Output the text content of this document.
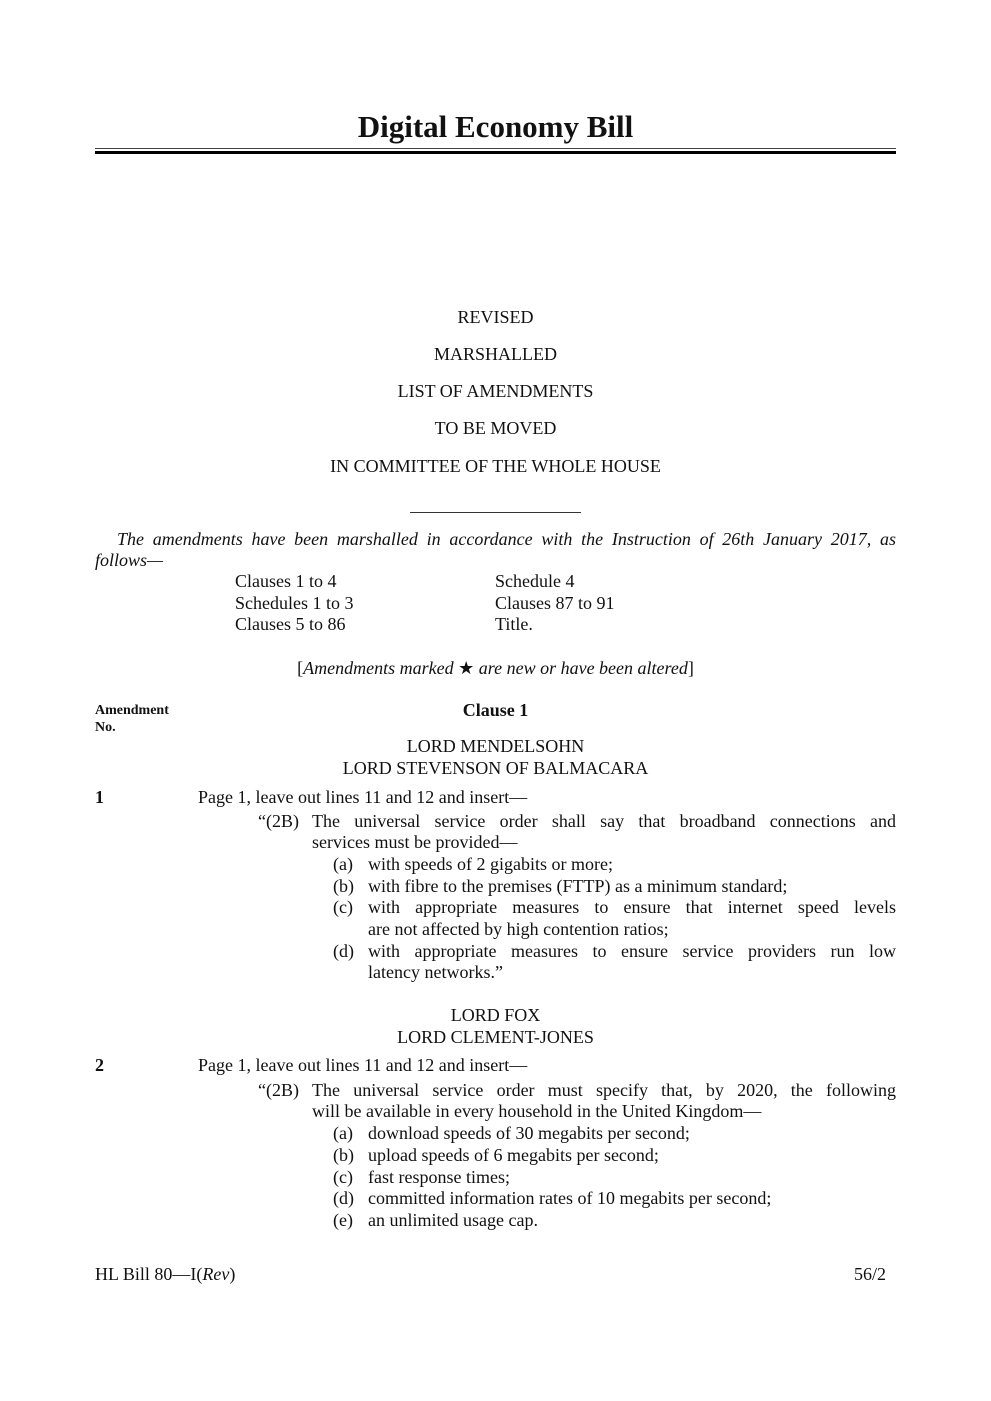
Digital Economy Bill
REVISED
MARSHALLED
LIST OF AMENDMENTS
TO BE MOVED
IN COMMITTEE OF THE WHOLE HOUSE
The amendments have been marshalled in accordance with the Instruction of 26th January 2017, as
follows—
Clauses 1 to 4
Schedules 1 to 3
Clauses 5 to 86
Schedule 4
Clauses 87 to 91
Title.
[Amendments marked ★ are new or have been altered]
Amendment
No.
Clause 1
LORD MENDELSOHN
LORD STEVENSON OF BALMACARA
1	Page 1, leave out lines 11 and 12 and insert—
“(2B) The universal service order shall say that broadband connections and
services must be provided—
(a) with speeds of 2 gigabits or more;
(b) with fibre to the premises (FTTP) as a minimum standard;
(c) with appropriate measures to ensure that internet speed levels
are not affected by high contention ratios;
(d) with appropriate measures to ensure service providers run low
latency networks.”
LORD FOX
LORD CLEMENT-JONES
2	Page 1, leave out lines 11 and 12 and insert—
“(2B) The universal service order must specify that, by 2020, the following
will be available in every household in the United Kingdom—
(a) download speeds of 30 megabits per second;
(b) upload speeds of 6 megabits per second;
(c) fast response times;
(d) committed information rates of 10 megabits per second;
(e) an unlimited usage cap.
HL Bill 80—I(Rev)	56/2
